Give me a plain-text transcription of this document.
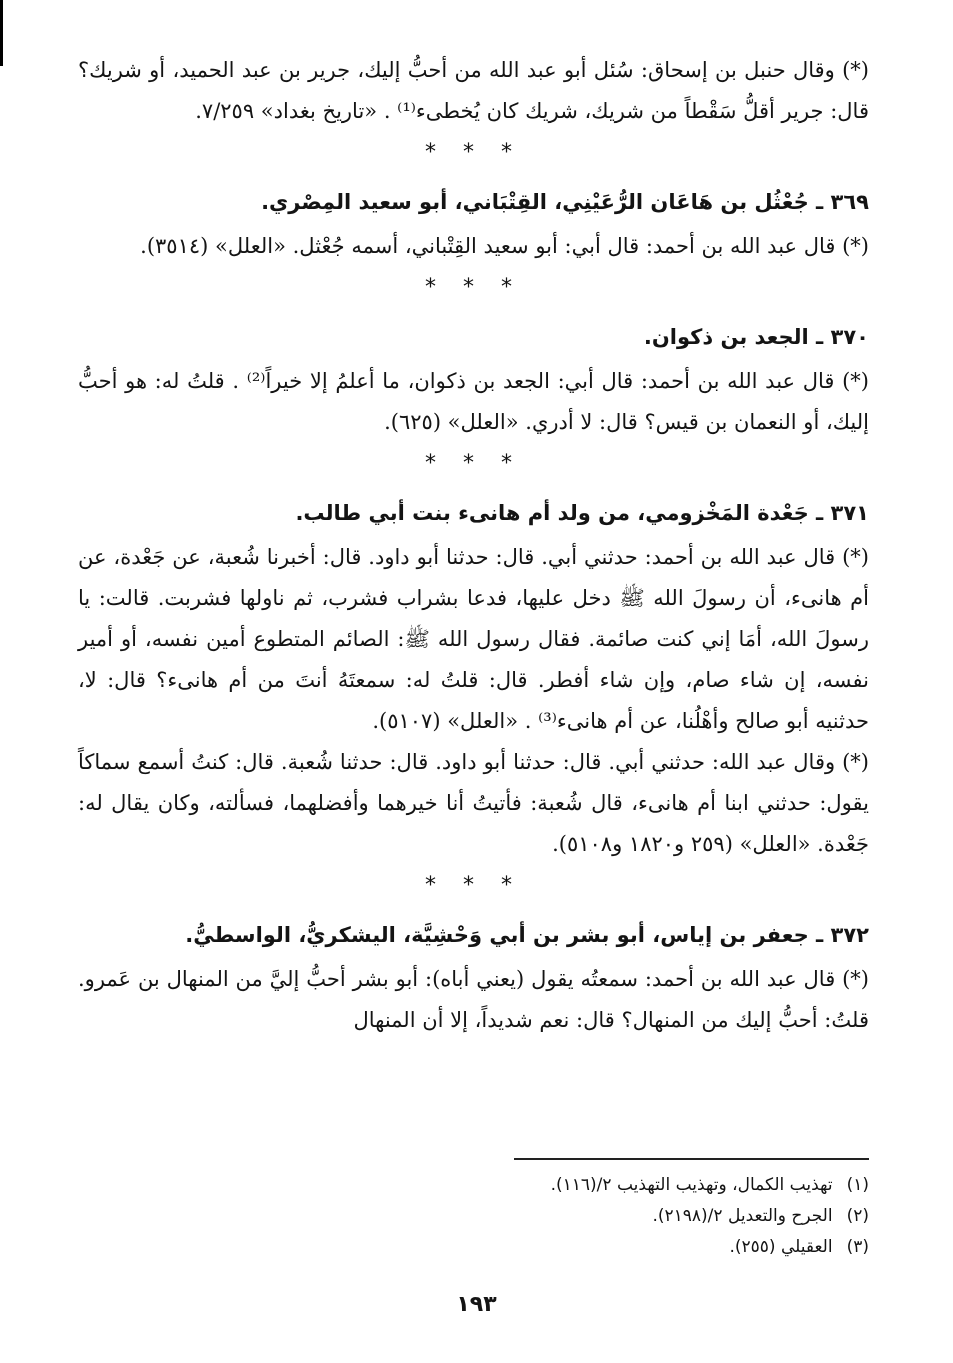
(*) وقال حنبل بن إسحاق: سُئل أبو عبد الله من أحبُّ إليك، جرير بن عبد الحميد، أو شريك؟ قال: جرير أقلُّ سَقْطاً من شريك، شريك كان يُخطىء⁽¹⁾ . «تاريخ بغداد» ٧/٢٥٩.

* * *
٣٦٩ ـ جُعْثُل بن هَاعَان الرُّعَيْنِي، القِتْبَاني، أبو سعيد المِصْري.

(*) قال عبد الله بن أحمد: قال أبي: أبو سعيد القِتْباني، أسمه جُعْثل. «العلل» (٣٥١٤).

* * *
٣٧٠ ـ الجعد بن ذكوان.

(*) قال عبد الله بن أحمد: قال أبي: الجعد بن ذكوان، ما أعلمُ إلا خيراً⁽²⁾ . قلتُ له: هو أحبُّ إليك، أو النعمان بن قيس؟ قال: لا أدري. «العلل» (٦٢٥).

* * *
٣٧١ ـ جَعْدة المَخْزومي، من ولد أم هانىء بنت أبي طالب.

(*) قال عبد الله بن أحمد: حدثني أبي. قال: حدثنا أبو داود. قال: أخبرنا شُعبة، عن جَعْدة، عن أم هانىء، أن رسولَ الله ﷺ دخل عليها، فدعا بشراب فشرب، ثم ناولها فشربت. قالت: يا رسولَ الله، أمَا إني كنت صائمة. فقال رسول الله ﷺ: الصائم المتطوع أمين نفسه، أو أمير نفسه، إن شاء صام، وإن شاء أفطر. قال: قلتُ له: سمعتَهُ أنتَ من أم هانىء؟ قال: لا، حدثنيه أبو صالح وأهْلُنا، عن أم هانىء⁽³⁾ . «العلل» (٥١٠٧).

(*) وقال عبد الله: حدثني أبي. قال: حدثنا أبو داود. قال: حدثنا شُعبة. قال: كنتُ أسمع سماكاً يقول: حدثني ابنا أم هانىء، قال شُعبة: فأتيتُ أنا خيرهما وأفضلهما، فسألته، وكان يقال له: جَعْدة. «العلل» (٢٥٩ و١٨٢٠ و٥١٠٨).

* * *
٣٧٢ ـ جعفر بن إياس، أبو بشر بن أبي وَحْشِيَّة، اليشكريُّ، الواسطيُّ.

(*) قال عبد الله بن أحمد: سمعتُه يقول (يعني أباه): أبو بشر أحبُّ إليَّ من المنهال بن عَمرو. قلتُ: أحبُّ إليك من المنهال؟ قال: نعم شديداً، إلا أن المنهال

(١)تهذيب الكمال، وتهذيب التهذيب ٢/(١١٦).
(٢)الجرح والتعديل ٢/(٢١٩٨).
(٣)العقيلي (٢٥٥).
١٩٣
